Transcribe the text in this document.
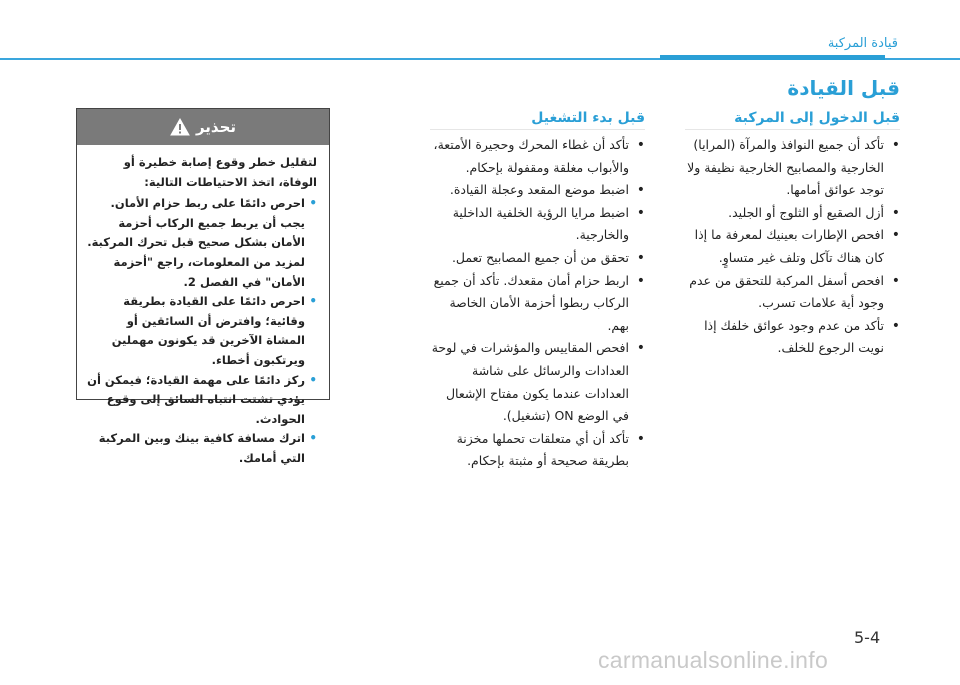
قيادة المركبة
قبل القيادة
قبل الدخول إلى المركبة
•
تأكد أن جميع النوافذ والمرآة (المرايا) الخارجية والمصابيح الخارجية نظيفة ولا توجد عوائق أمامها.
•
أزل الصقيع أو الثلوج أو الجليد.
•
افحص الإطارات بعينيك لمعرفة ما إذا كان هناك تآكل وتلف غير متساوٍ.
•
افحص أسفل المركبة للتحقق من عدم وجود أية علامات تسرب.
•
تأكد من عدم وجود عوائق خلفك إذا نويت الرجوع للخلف.
قبل بدء التشغيل
•
تأكد أن غطاء المحرك وحجيرة الأمتعة، والأبواب مغلقة ومقفولة بإحكام.
•
اضبط موضع المقعد وعجلة القيادة.
•
اضبط مرايا الرؤية الخلفية الداخلية والخارجية.
•
تحقق من أن جميع المصابيح تعمل.
•
اربط حزام أمان مقعدك. تأكد أن جميع الركاب ربطوا أحزمة الأمان الخاصة بهم.
•
افحص المقاييس والمؤشرات في لوحة العدادات والرسائل على شاشة العدادات عندما يكون مفتاح الإشعال في الوضع ON (تشغيل).
•
تأكد أن أي متعلقات تحملها مخزنة بطريقة صحيحة أو مثبتة بإحكام.
تحذير

لتقليل خطر وقوع إصابة خطيرة أو الوفاة، اتخذ الاحتياطات التالية:

•
احرص دائمًا على ربط حزام الأمان. يجب أن يربط جميع الركاب أحزمة الأمان بشكل صحيح قبل تحرك المركبة. لمزيد من المعلومات، راجع "أحزمة الأمان" في الفصل 2.
•
احرص دائمًا على القيادة بطريقة وقائية؛ وافترض أن السائقين أو المشاة الآخرين قد يكونون مهملين ويرتكبون أخطاء.
•
ركز دائمًا على مهمة القيادة؛ فيمكن أن يؤدي تشتت انتباه السائق إلى وقوع الحوادث.
•
اترك مسافة كافية بينك وبين المركبة التي أمامك.
5-4
carmanualsonline.info
